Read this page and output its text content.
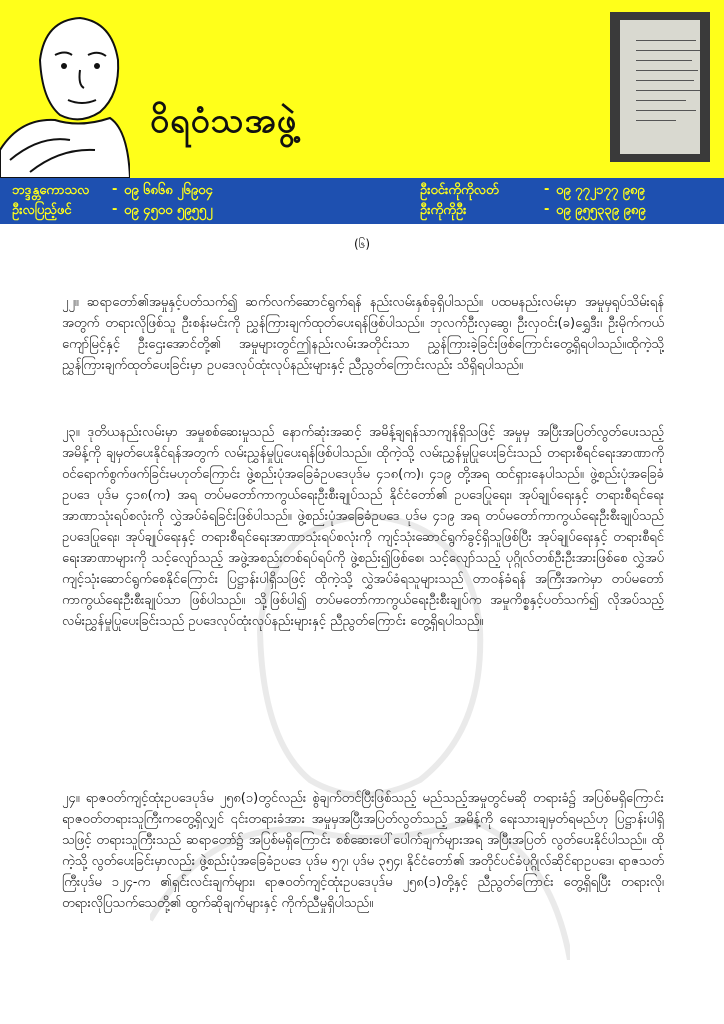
ဝိရဝံသအဖွဲ့
ဘဒ္ဒန္တကောသလ - ၀၉ ၆၈၆၈ ၂၆၉၀၄
ဦးလပြည့်ဖင်	- ၀၉ ၄၅၀၀ ၅၉၅၅၂
ဦးဝင်းကိုကိုလတ်	- ၀၉ ၇၇၂၁၇၇ ၉၈၉
ဦးကိုကိုဦး	- ၀၉ ၉၅၅၃၃၉ ၉၈၉
(၆)
၂၂။ ဆရာတော်၏အမှုနှင့်ပတ်သက်၍ ဆက်လက်ဆောင်ရွက်ရန် နည်းလမ်းနှစ်ခုရှိပါသည်။ ပထမနည်းလမ်းမှာ အမှုမှရုပ်သိမ်းရန်အတွက် တရားလိုဖြစ်သူ ဦးစန်းမင်းကို ညွှန်ကြားချက်ထုတ်ပေးရန်ဖြစ်ပါသည်။ ဘုလက်ဦးလှဆွေ၊ ဦးလှဝင်း(ခ)ရွှေဒီး၊ ဦးမိုက်ကယ်ကျော်မြင့်နှင့် ဦးဌေးအောင်တို့၏ အမှုများတွင်ဤနည်းလမ်းအတိုင်းသာ ညွှန်ကြားခဲ့ခြင်းဖြစ်ကြောင်းတွေ့ရှိရပါသည်။ထိုကဲ့သို့ ညွှန်ကြားချက်ထုတ်ပေးခြင်းမှာ ဥပဒေလုပ်ထုံးလုပ်နည်းများနှင့် ညီညွတ်ကြောင်းလည်း သိရှိရပါသည်။
၂၃။ ဒုတိယနည်းလမ်းမှာ အမှုစစ်ဆေးမှုသည် နောက်ဆုံးအဆင့် အမိန့်ချရန်သာကျန်ရှိသဖြင့် အမှုမှ အပြီးအပြတ်လွတ်ပေးသည့်အမိန့်ကို ချမှတ်ပေးနိုင်ရန်အတွက် လမ်းညွှန်မှုပြုပေးရန်ဖြစ်ပါသည်။ ထိုကဲ့သို့ လမ်းညွှန်မှုပြုပေးခြင်းသည် တရားစီရင်ရေးအာဏာကို ဝင်ရောက်စွက်ဖက်ခြင်းမဟုတ်ကြောင်း ဖွဲ့စည်းပုံအခြေခံဥပဒေပုဒ်မ ၄၁၈(က)၊ ၄၁၉ တို့အရ ထင်ရှားနေပါသည်။ ဖွဲ့စည်းပုံအခြေခံဥပဒေ ပုဒ်မ ၄၁၈(က) အရ တပ်မတော်ကာကွယ်ရေးဦးစီးချုပ်သည် နိုင်ငံတော်၏ ဥပဒေပြုရေး၊ အုပ်ချုပ်ရေးနှင့် တရားစီရင်ရေးအာဏာသုံးရပ်စလုံးကို လွှဲအပ်ခံရခြင်းဖြစ်ပါသည်။ ဖွဲ့စည်းပုံအခြေခံဥပဒေ ပုဒ်မ ၄၁၉ အရ တပ်မတော်ကာကွယ်ရေးဦးစီးချုပ်သည် ဥပဒေပြုရေး၊ အုပ်ချုပ်ရေးနှင့် တရားစီရင်ရေးအာဏာသုံးရပ်စလုံးကို ကျင့်သုံးဆောင်ရွက်ခွင့်ရှိသူဖြစ်ပြီး အုပ်ချုပ်ရေးနှင့် တရားစီရင်ရေးအာဏာများကို သင့်လျော်သည့် အဖွဲ့အစည်းတစ်ရပ်ရပ်ကို ဖွဲ့စည်း၍ဖြစ်စေ၊ သင့်လျော်သည့် ပုဂ္ဂိုလ်တစ်ဦးဦးအားဖြစ်စေ လွှဲအပ်ကျင့်သုံးဆောင်ရွက်စေနိုင်ကြောင်း ပြဋ္ဌာန်းပါရှိသဖြင့် ထိုကဲ့သို့ လွှဲအပ်ခံရသူများသည် တာဝန်ခံရန် အကြီးအကဲမှာ တပ်မတော်ကာကွယ်ရေးဦးစီးချုပ်သာ ဖြစ်ပါသည်။ သို့ဖြစ်ပါ၍ တပ်မတော်ကာကွယ်ရေးဦးစီးချုပ်က အမှုကိစ္စနှင့်ပတ်သက်၍ လိုအပ်သည့် လမ်းညွှန်မှုပြုပေးခြင်းသည် ဥပဒေလုပ်ထုံးလုပ်နည်းများနှင့် ညီညွတ်ကြောင်း တွေ့ရှိရပါသည်။
၂၄။ ရာဇဝတ်ကျင့်ထုံးဥပဒေပုဒ်မ ၂၅၈(၁)တွင်လည်း စွဲချက်တင်ပြီးဖြစ်သည့် မည်သည့်အမှုတွင်မဆို တရားခံ၌ အပြစ်မရှိကြောင်း ရာဇဝတ်တရားသူကြီးကတွေ့ရှိလျှင် ၎င်းတရားခံအား အမှုမှအပြီးအပြတ်လွတ်သည့် အမိန့်ကို ရေးသားချမှတ်ရမည်ဟု ပြဋ္ဌာန်းပါရှိသဖြင့် တရားသူကြီးသည် ဆရာတော်၌ အပြစ်မရှိကြောင်း စစ်ဆေးပေါ်ပေါက်ချက်များအရ အပြီးအပြတ် လွတ်ပေးနိုင်ပါသည်။ ထိုကဲ့သို့ လွတ်ပေးခြင်းမှာလည်း ဖွဲ့စည်းပုံအခြေခံဥပဒေ ပုဒ်မ ၅၇၊ ပုဒ်မ ၃၅၄၊ နိုင်ငံတော်၏ အတိုင်ပင်ခံပုဂ္ဂိုလ်ဆိုင်ရာဥပဒေ၊ ရာဇသတ်ကြီးပုဒ်မ ၁၂၄-က ၏ရှင်းလင်းချက်များ၊ ရာဇဝတ်ကျင့်ထုံးဥပဒေပုဒ်မ ၂၅၈(၁)တို့နှင့် ညီညွတ်ကြောင်း တွေ့ရှိရပြီး တရားလို၊ တရားလိုပြသက်သေတို့၏ ထွက်ဆိုချက်များနှင့် ကိုက်ညီမှုရှိပါသည်။
